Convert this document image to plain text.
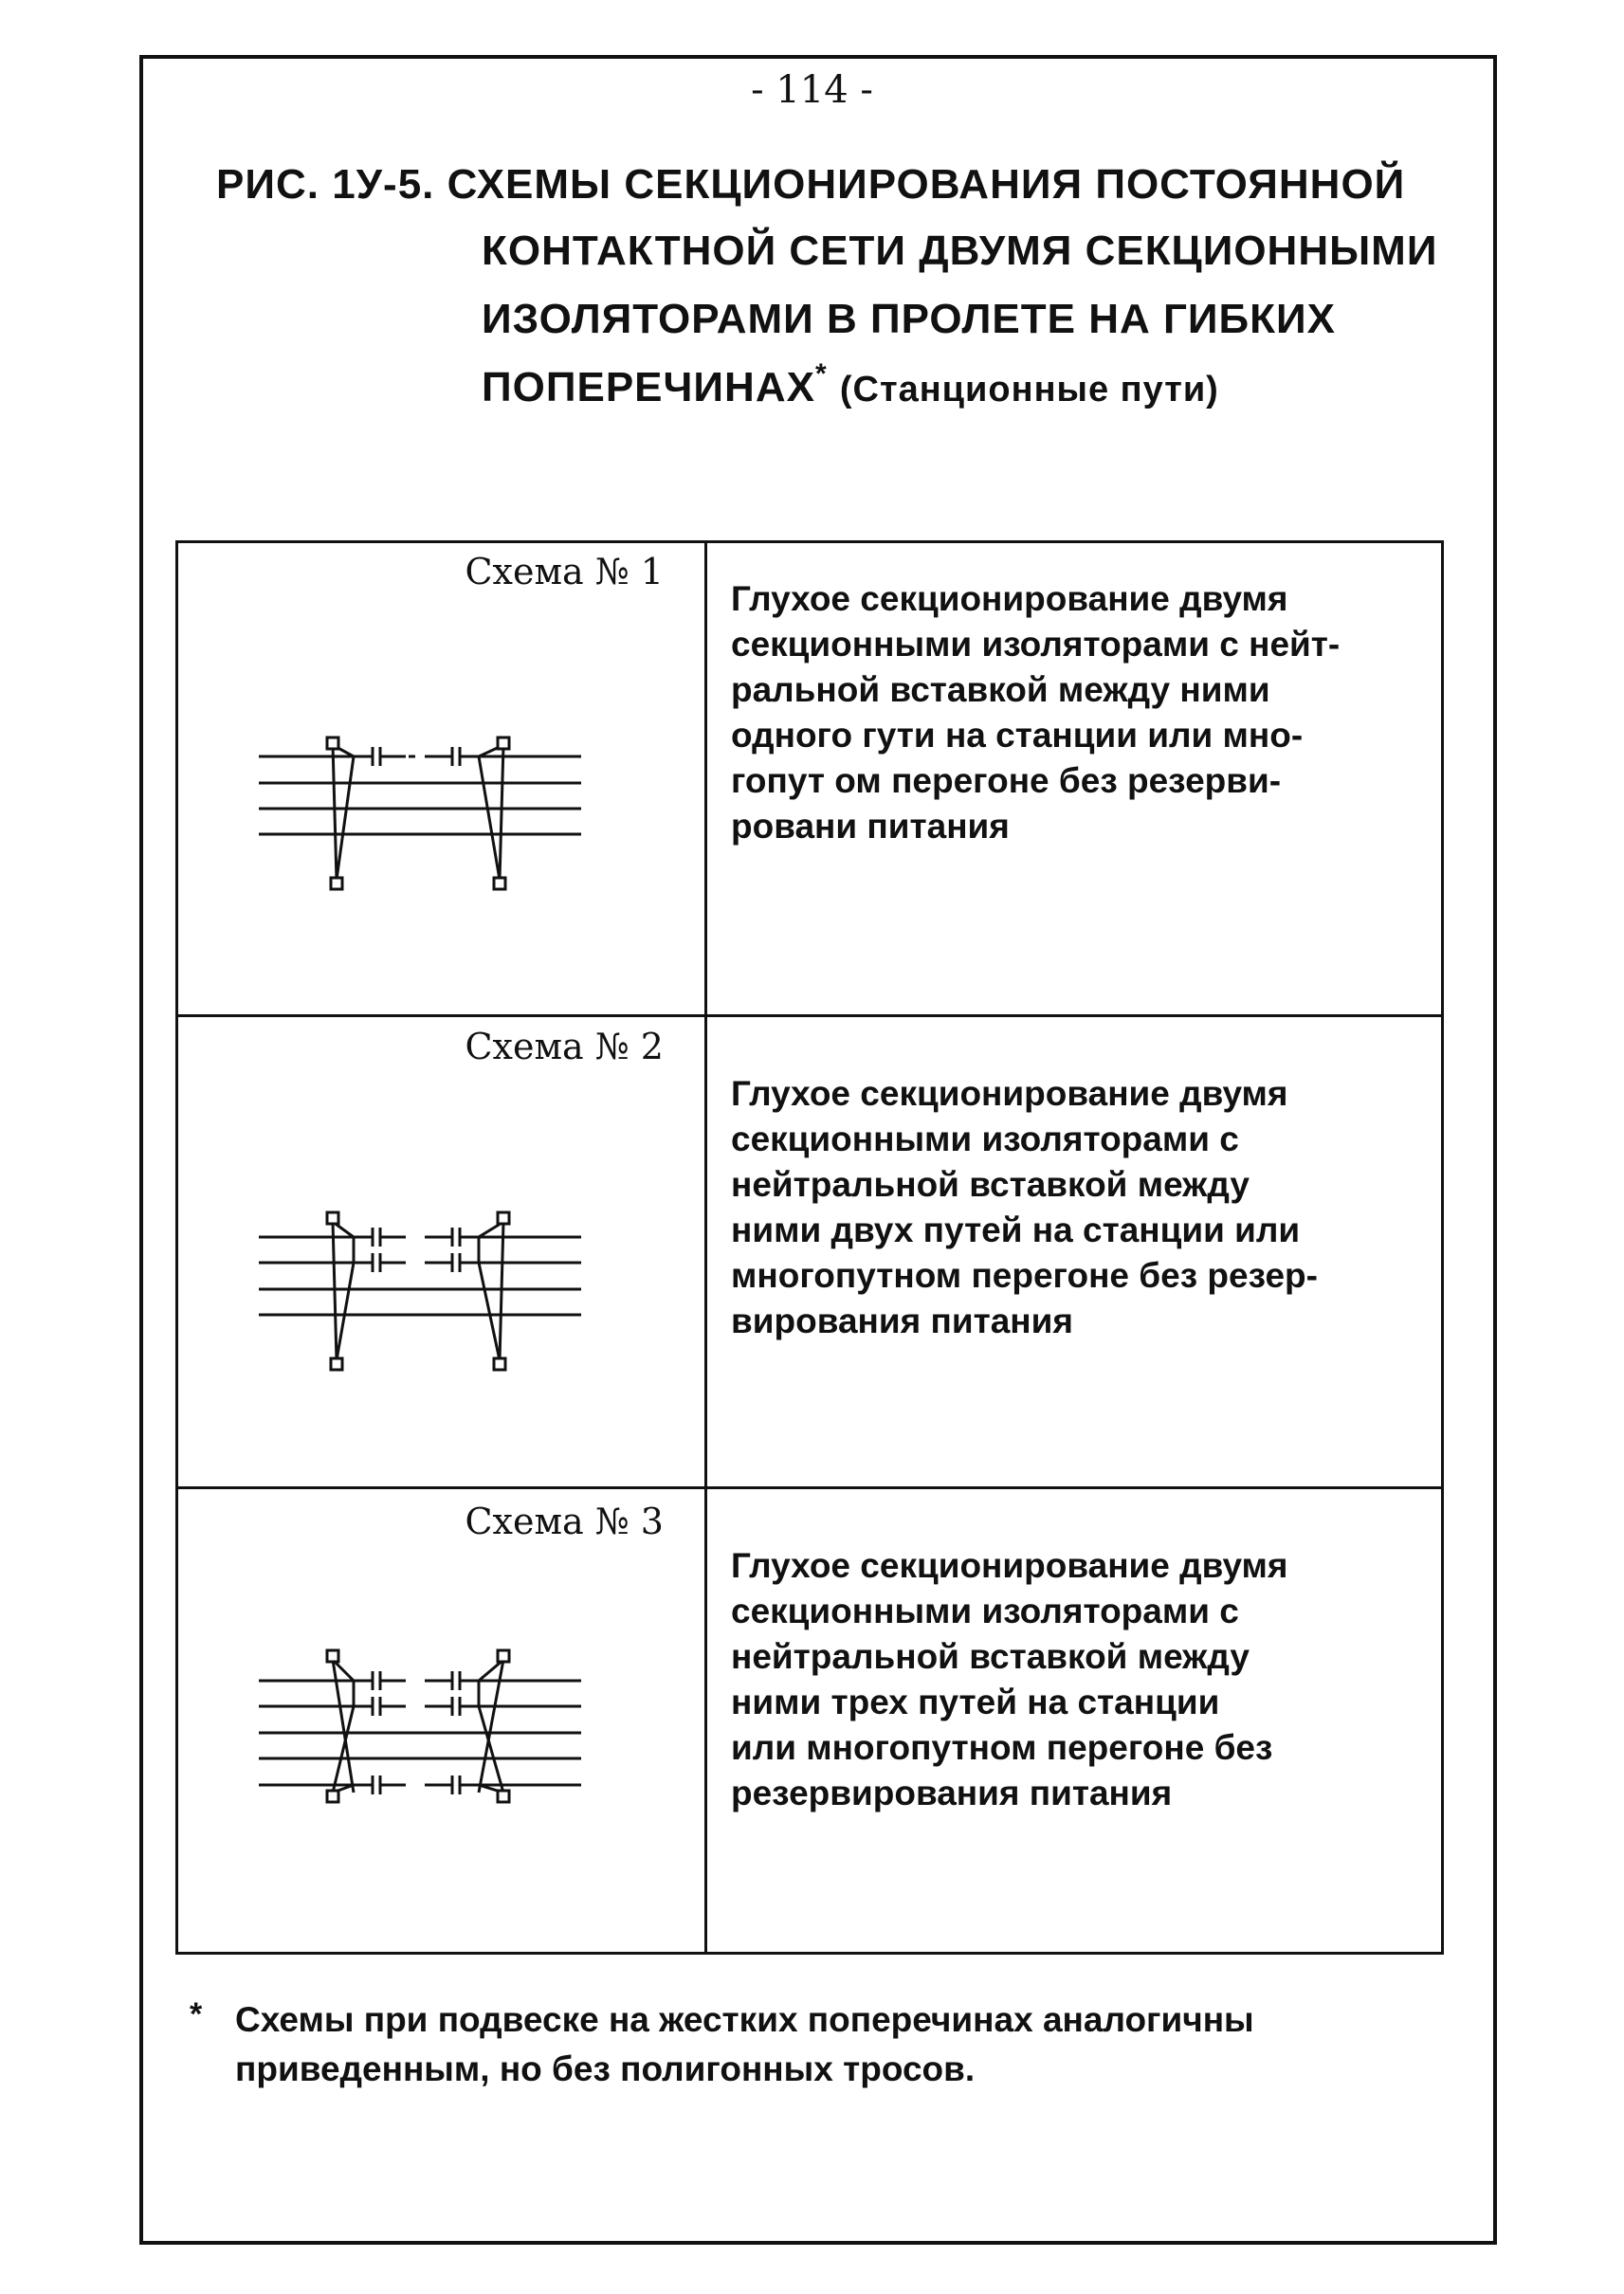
- 114 -
РИС. 1У-5. СХЕМЫ СЕКЦИОНИРОВАНИЯ ПОСТОЯННОЙ
КОНТАКТНОЙ СЕТИ ДВУМЯ СЕКЦИОННЫМИ
ИЗОЛЯТОРАМИ В ПРОЛЕТЕ НА ГИБКИХ
ПОПЕРЕЧИНАХ* (Станционные пути)
Схема № 1
Глухое секционирование двумя
секционными изоляторами с нейт-
ральной вставкой между ними
одного гути на станции или мно-
гопут ом перегоне без резерви-
ровани питания
Схема № 2
Глухое секционирование двумя
секционными изоляторами с
нейтральной вставкой между
ними двух путей на станции или
многопутном перегоне без резер-
вирования питания
Схема № 3
Глухое секционирование двумя
секционными изоляторами с
нейтральной вставкой между
ними трех путей на станции
или многопутном перегоне без
резервирования питания
* Схемы при подвеске на жестких поперечинах аналогичны
приведенным, но без полигонных тросов.
